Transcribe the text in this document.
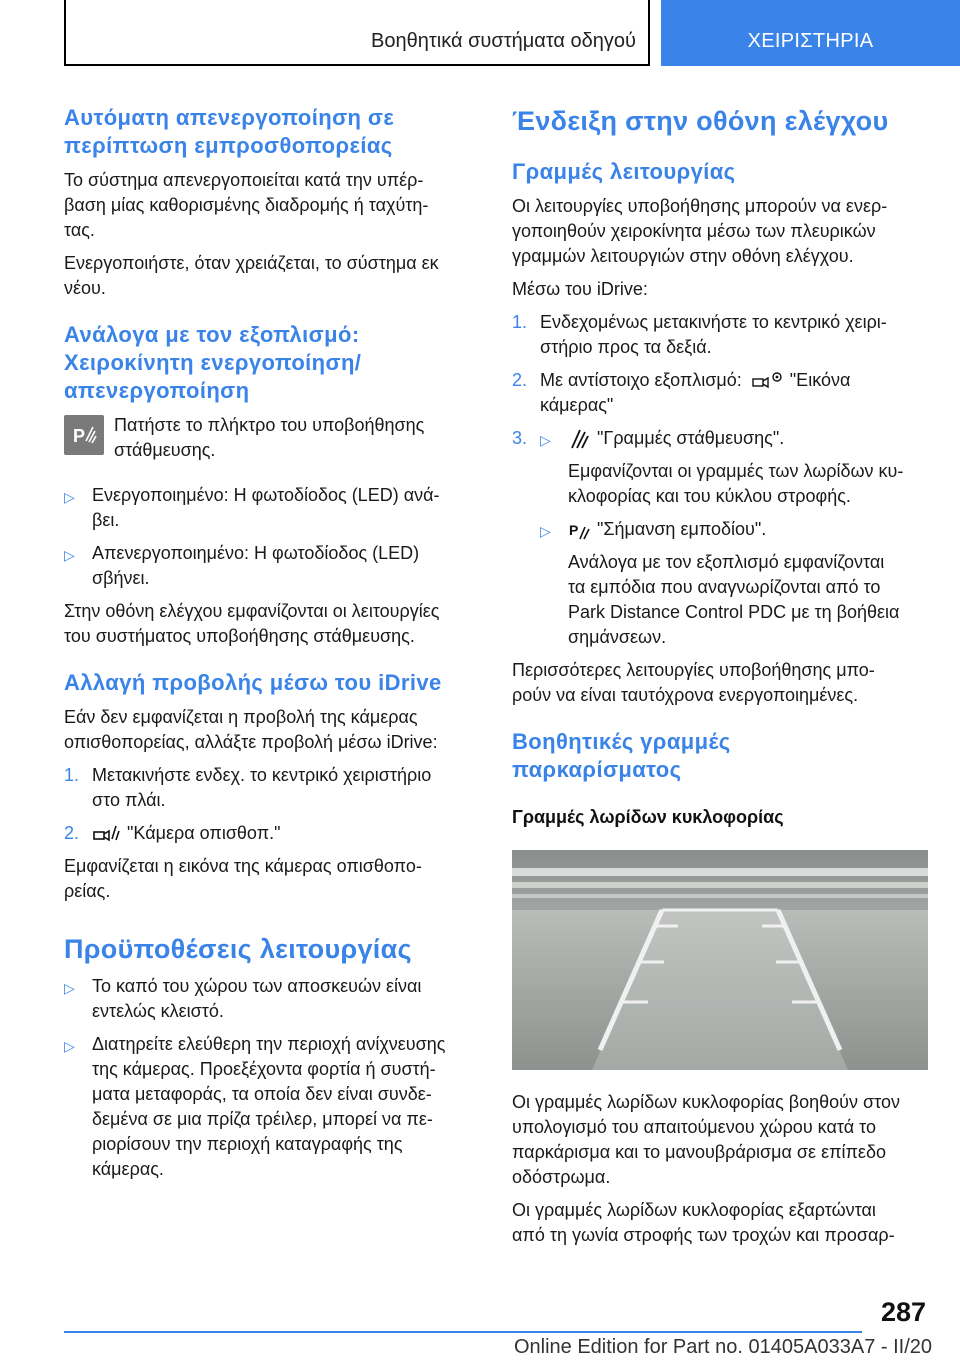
Βοηθητικά συστήματα οδηγού	ΧΕΙΡΙΣΤΗΡΙΑ
Αυτόματη απενεργοποίηση σε
περίπτωση εμπροσθοπορείας

Το σύστημα απενεργοποιείται κατά την υπέρ-
βαση μίας καθορισμένης διαδρομής ή ταχύτη-
τας.

Ενεργοποιήστε, όταν χρειάζεται, το σύστημα εκ
νέου.

Ανάλογα με τον εξοπλισμό:
Χειροκίνητη ενεργοποίηση/
απενεργοποίηση
P

Πατήστε το πλήκτρο του υποβοήθησης
στάθμευσης.

▷ Ενεργοποιημένο: Η φωτοδίοδος (LED) ανά-
βει.
▷ Απενεργοποιημένο: Η φωτοδίοδος (LED)
σβήνει.

Στην οθόνη ελέγχου εμφανίζονται οι λειτουργίες
του συστήματος υποβοήθησης στάθμευσης.

Αλλαγή προβολής μέσω του iDrive

Εάν δεν εμφανίζεται η προβολή της κάμερας
οπισθοπορείας, αλλάξτε προβολή μέσω iDrive:

1. Μετακινήστε ενδεχ. το κεντρικό χειριστήριο
στο πλάι.
2.	"Κάμερα οπισθοπ."

Εμφανίζεται η εικόνα της κάμερας οπισθοπο-
ρείας.

Προϋποθέσεις λειτουργίας
▷ Το καπό του χώρου των αποσκευών είναι
εντελώς κλειστό.
▷ Διατηρείτε ελεύθερη την περιοχή ανίχνευσης
της κάμερας. Προεξέχοντα φορτία ή συστή-
ματα μεταφοράς, τα οποία δεν είναι συνδε-
δεμένα σε μια πρίζα τρέιλερ, μπορεί να πε-
ριορίσουν την περιοχή καταγραφής της
κάμερας.
Ένδειξη στην οθόνη ελέγχου
Γραμμές λειτουργίας

Οι λειτουργίες υποβοήθησης μπορούν να ενερ-
γοποιηθούν χειροκίνητα μέσω των πλευρικών
γραμμών λειτουργιών στην οθόνη ελέγχου.

Μέσω του iDrive:

1. Ενδεχομένως μετακινήστε το κεντρικό χειρι-
στήριο προς τα δεξιά.
2. Με αντίστοιχο εξοπλισμό:	"Εικόνα
κάμερας"
3. ▷	"Γραμμές στάθμευσης".

Εμφανίζονται οι γραμμές των λωρίδων κυ-
κλοφορίας και του κύκλου στροφής.

▷ P "Σήμανση εμποδίου".

Ανάλογα με τον εξοπλισμό εμφανίζονται
τα εμπόδια που αναγνωρίζονται από το
Park Distance Control PDC με τη βοήθεια
σημάνσεων.

Περισσότερες λειτουργίες υποβοήθησης μπο-
ρούν να είναι ταυτόχρονα ενεργοποιημένες.

Βοηθητικές γραμμές
παρκαρίσματος
Γραμμές λωρίδων κυκλοφορίας

Οι γραμμές λωρίδων κυκλοφορίας βοηθούν στον
υπολογισμό του απαιτούμενου χώρου κατά το
παρκάρισμα και το μανουβράρισμα σε επίπεδο
οδόστρωμα.

Οι γραμμές λωρίδων κυκλοφορίας εξαρτώνται
από τη γωνία στροφής των τροχών και προσαρ-

287
Online Edition for Part no. 01405A033A7 - II/20
